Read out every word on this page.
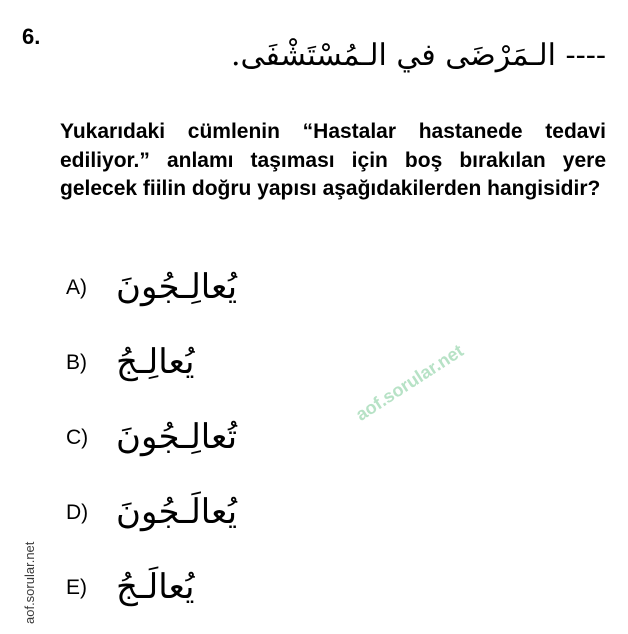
6.
---- الـمَرْضَى في الـمُسْتَشْفَى.
Yukarıdaki cümlenin “Hastalar hastanede tedavi ediliyor.” anlamı taşıması için boş bırakılan yere gelecek fiilin doğru yapısı aşağıdakilerden hangisidir?
A) يُعالِـجُونَ
B) يُعالِـجُ
C) تُعالِـجُونَ
D) يُعالَـجُونَ
E) يُعالَـجُ
aof.sorular.net
aof.sorular.net
